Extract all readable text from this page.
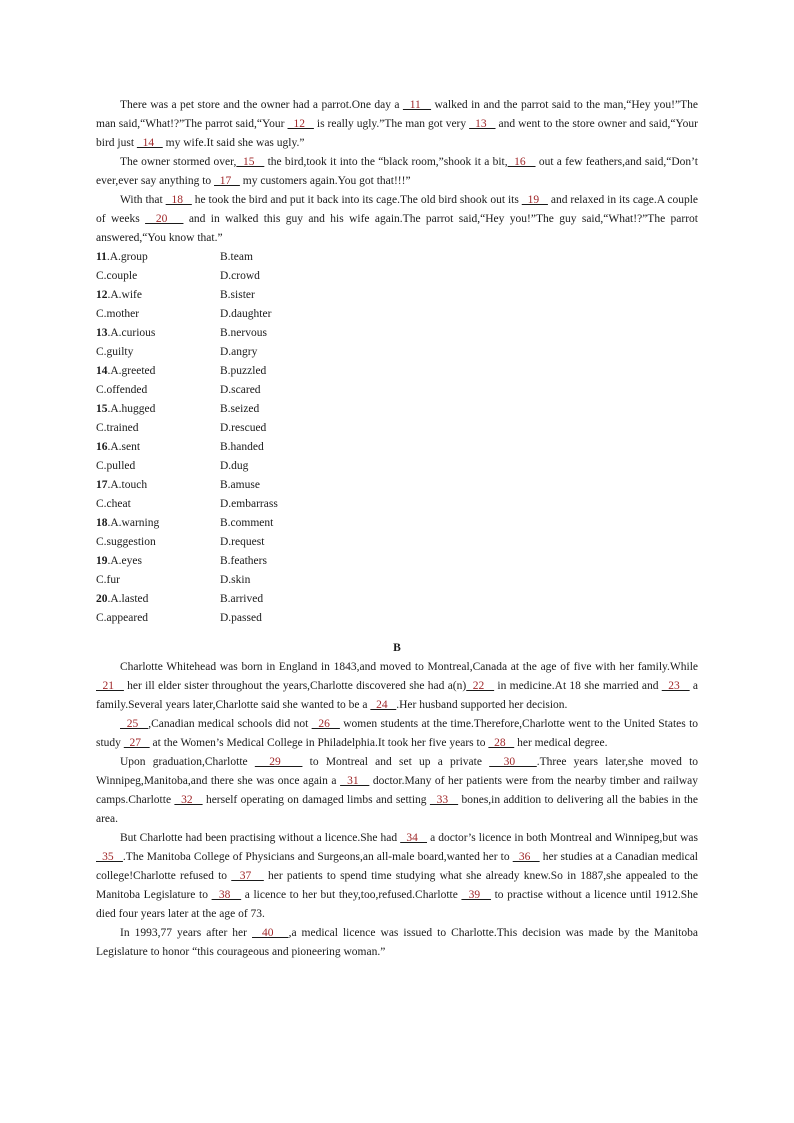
There was a pet store and the owner had a parrot.One day a   11    walked in and the parrot said to the man,“Hey you!”The man said,“What!?”The parrot said,“Your   12    is really ugly.”The man got very   13    and went to the store owner and said,“Your bird just   14    my wife.It said she was ugly.”

The owner stormed over,  15    the bird,took it into the “black room,”shook it a bit,  16    out a few feathers,and said,“Don’t ever,ever say anything to   17    my customers again.You got that!!!”

With that   18    he took the bird and put it back into its cage.The old bird shook out its   19    and relaxed in its cage.A couple of weeks   20    and in walked this guy and his wife again.The parrot said,“Hey you!”The guy said,“What!?”The parrot answered,“You know that.”

11.A.group	B.team
C.couple	D.crowd
12.A.wife	B.sister
C.mother	D.daughter
13.A.curious	B.nervous
C.guilty	D.angry
14.A.greeted	B.puzzled
C.offended	D.scared
15.A.hugged	B.seized
C.trained	D.rescued
16.A.sent	B.handed
C.pulled	D.dug
17.A.touch	B.amuse
C.cheat	D.embarrass
18.A.warning	B.comment
C.suggestion	D.request
19.A.eyes	B.feathers
C.fur	D.skin
20.A.lasted	B.arrived
C.appeared	D.passed
B

Charlotte Whitehead was born in England in 1843,and moved to Montreal,Canada at the age of five with her family.While   21    her ill elder sister throughout the years,Charlotte discovered she had a(n)  22    in medicine.At 18 she married and   23    a family.Several years later,Charlotte said she wanted to be a   24   .Her husband supported her decision.

25   ,Canadian medical schools did not   26    women students at the time.Therefore,Charlotte went to the United States to study   27    at the Women’s Medical College in Philadelphia.It took her five years to   28    her medical degree.

Upon graduation,Charlotte   29    to Montreal and set up a private   30   .Three years later,she moved to Winnipeg,Manitoba,and there she was once again a   31    doctor.Many of her patients were from the nearby timber and railway camps.Charlotte   32    herself operating on damaged limbs and setting   33    bones,in addition to delivering all the babies in the area.

But Charlotte had been practising without a licence.She had   34    a doctor’s licence in both Montreal and Winnipeg,but was   35   .The Manitoba College of Physicians and Surgeons,an all-male board,wanted her to   36    her studies at a Canadian medical college!Charlotte refused to   37    her patients to spend time studying what she already knew.So in 1887,she appealed to the Manitoba Legislature to   38    a licence to her but they,too,refused.Charlotte   39    to practise without a licence until 1912.She died four years later at the age of 73.

In 1993,77 years after her   40   ,a medical licence was issued to Charlotte.This decision was made by the Manitoba Legislature to honor “this courageous and pioneering woman.”
